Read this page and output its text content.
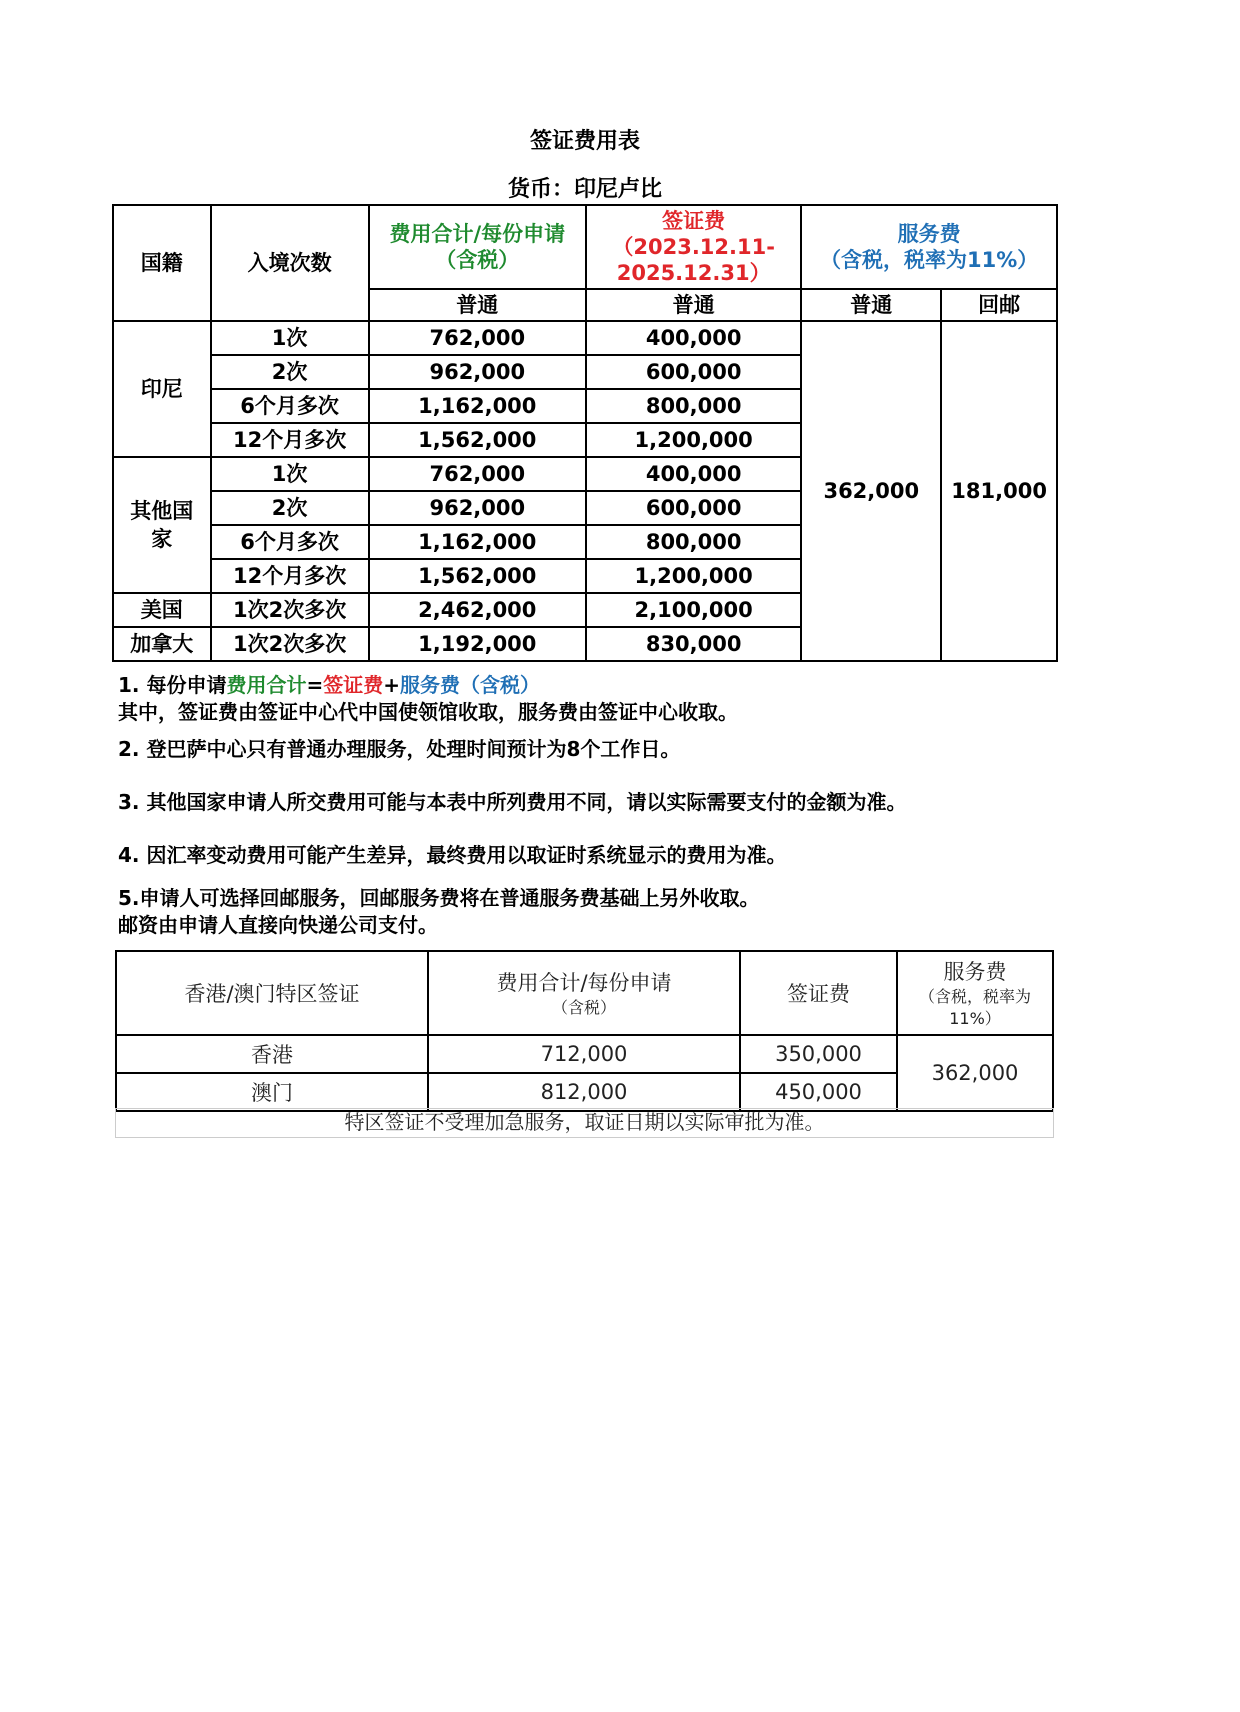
签证费用表
货币：印尼卢比
国籍	入境次数	费用合计/每份申请
（含税）	签证费（2023.12.11-
2025.12.31）	服务费
（含税，税率为11%）	
		普通	普通	普通	回邮
印尼	1次	762,000	400,000	362,000	181,000
	2次	962,000	600,000		
	6个月多次	1,162,000	800,000		
	12个月多次	1,562,000	1,200,000		
其他国家	1次	762,000	400,000		
	2次	962,000	600,000		
	6个月多次	1,162,000	800,000		
	12个月多次	1,562,000	1,200,000		
美国	1次2次多次	2,462,000	2,100,000		
加拿大	1次2次多次	1,192,000	830,000		

1. 每份申请费用合计=签证费+服务费（含税）

其中，签证费由签证中心代中国使领馆收取，服务费由签证中心收取。

2. 登巴萨中心只有普通办理服务，处理时间预计为8个工作日。

3. 其他国家申请人所交费用可能与本表中所列费用不同，请以实际需要支付的金额为准。

4. 因汇率变动费用可能产生差异，最终费用以取证时系统显示的费用为准。

5.申请人可选择回邮服务，回邮服务费将在普通服务费基础上另外收取。

邮资由申请人直接向快递公司支付。

香港/澳门特区签证	费用合计/每份申请
（含税）	签证费	服务费
（含税，税率为11%）

香港	712,000	350,000	362,000
澳门	812,000	450,000	
特区签证不受理加急服务，取证日期以实际审批为准。
